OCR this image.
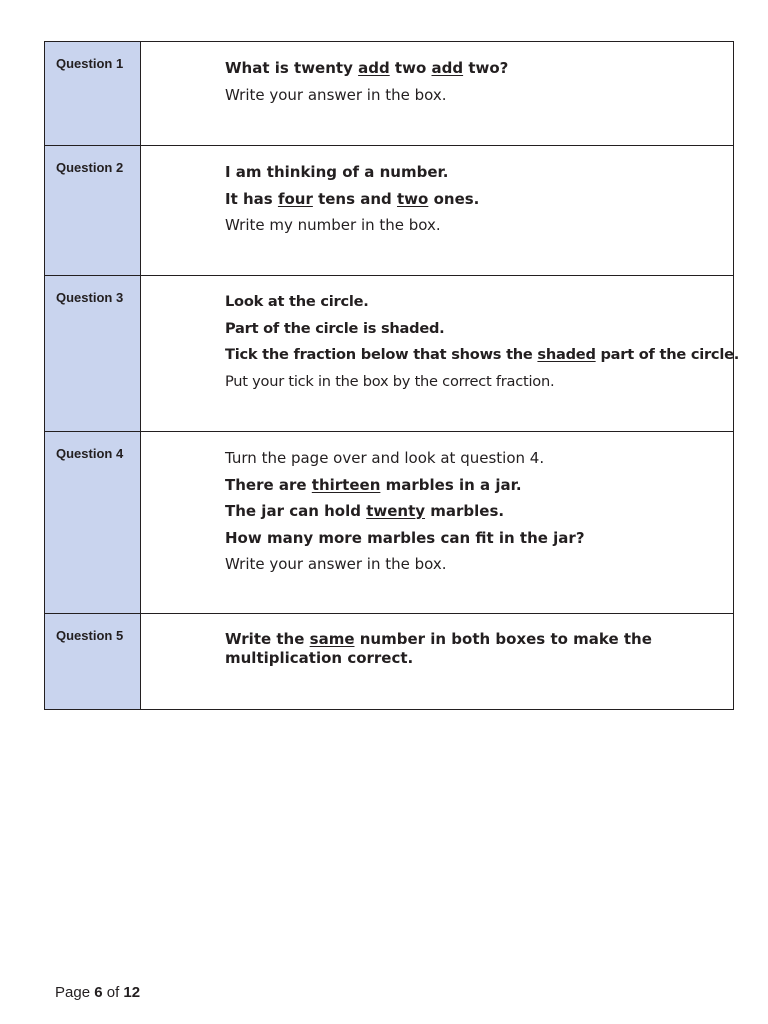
Question 1	What is twenty add two add two?
Write your answer in the box.

Question 2	I am thinking of a number.
It has four tens and two ones.
Write my number in the box.

Question 3	Look at the circle.
Part of the circle is shaded.
Tick the fraction below that shows the shaded part of the circle.
Put your tick in the box by the correct fraction.

Question 4	Turn the page over and look at question 4.
There are thirteen marbles in a jar.
The jar can hold twenty marbles.
How many more marbles can fit in the jar?
Write your answer in the box.

Question 5	Write the same number in both boxes to make the multiplication correct.
Page 6 of 12
